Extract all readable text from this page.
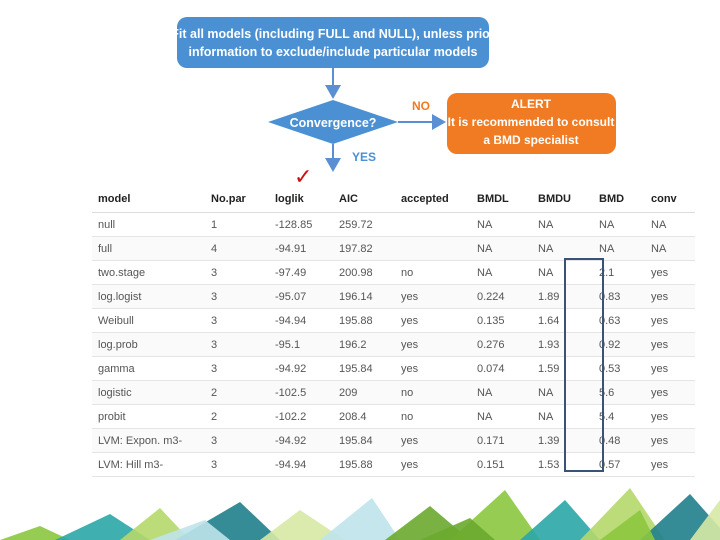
Fit all models (including FULL and NULL), unless prior
information to exclude/include particular models
Convergence?
NO	ALERT
It is recommended to consult
a BMD specialist
YES
✓
model	No.par	loglik	AIC	accepted	BMDL	BMDU	BMD	conv
null	1	-128.85	259.72		NA	NA	NA	NA
full	4	-94.91	197.82		NA	NA	NA	NA
two.stage	3	-97.49	200.98	no	NA	NA	2.1	yes
log.logist	3	-95.07	196.14	yes	0.224	1.89	0.83	yes
Weibull	3	-94.94	195.88	yes	0.135	1.64	0.63	yes
log.prob	3	-95.1	196.2	yes	0.276	1.93	0.92	yes
gamma	3	-94.92	195.84	yes	0.074	1.59	0.53	yes
logistic	2	-102.5	209	no	NA	NA	5.6	yes
probit	2	-102.2	208.4	no	NA	NA	5.4	yes
LVM: Expon. m3-	3	-94.92	195.84	yes	0.171	1.39	0.48	yes
LVM: Hill m3-	3	-94.94	195.88	yes	0.151	1.53	0.57	yes
